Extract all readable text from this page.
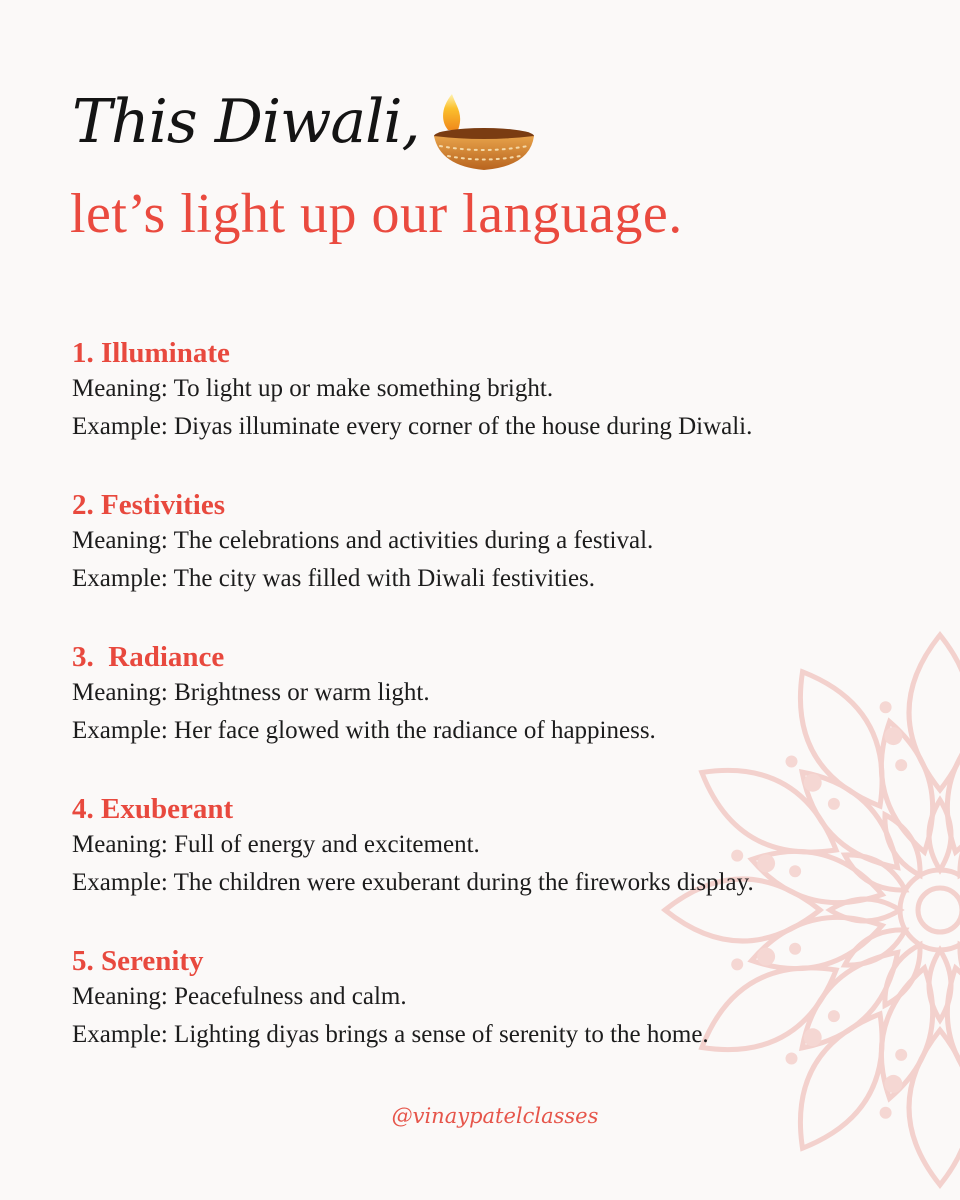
This Diwali,
let’s light up our language.
1. Illuminate
Meaning: To light up or make something bright.
Example: Diyas illuminate every corner of the house during Diwali.
2. Festivities
Meaning: The celebrations and activities during a festival.
Example: The city was filled with Diwali festivities.
3.  Radiance
Meaning: Brightness or warm light.
Example: Her face glowed with the radiance of happiness.
4. Exuberant
Meaning: Full of energy and excitement.
Example: The children were exuberant during the fireworks display.
5. Serenity
Meaning: Peacefulness and calm.
Example: Lighting diyas brings a sense of serenity to the home.
@vinaypatelclasses
